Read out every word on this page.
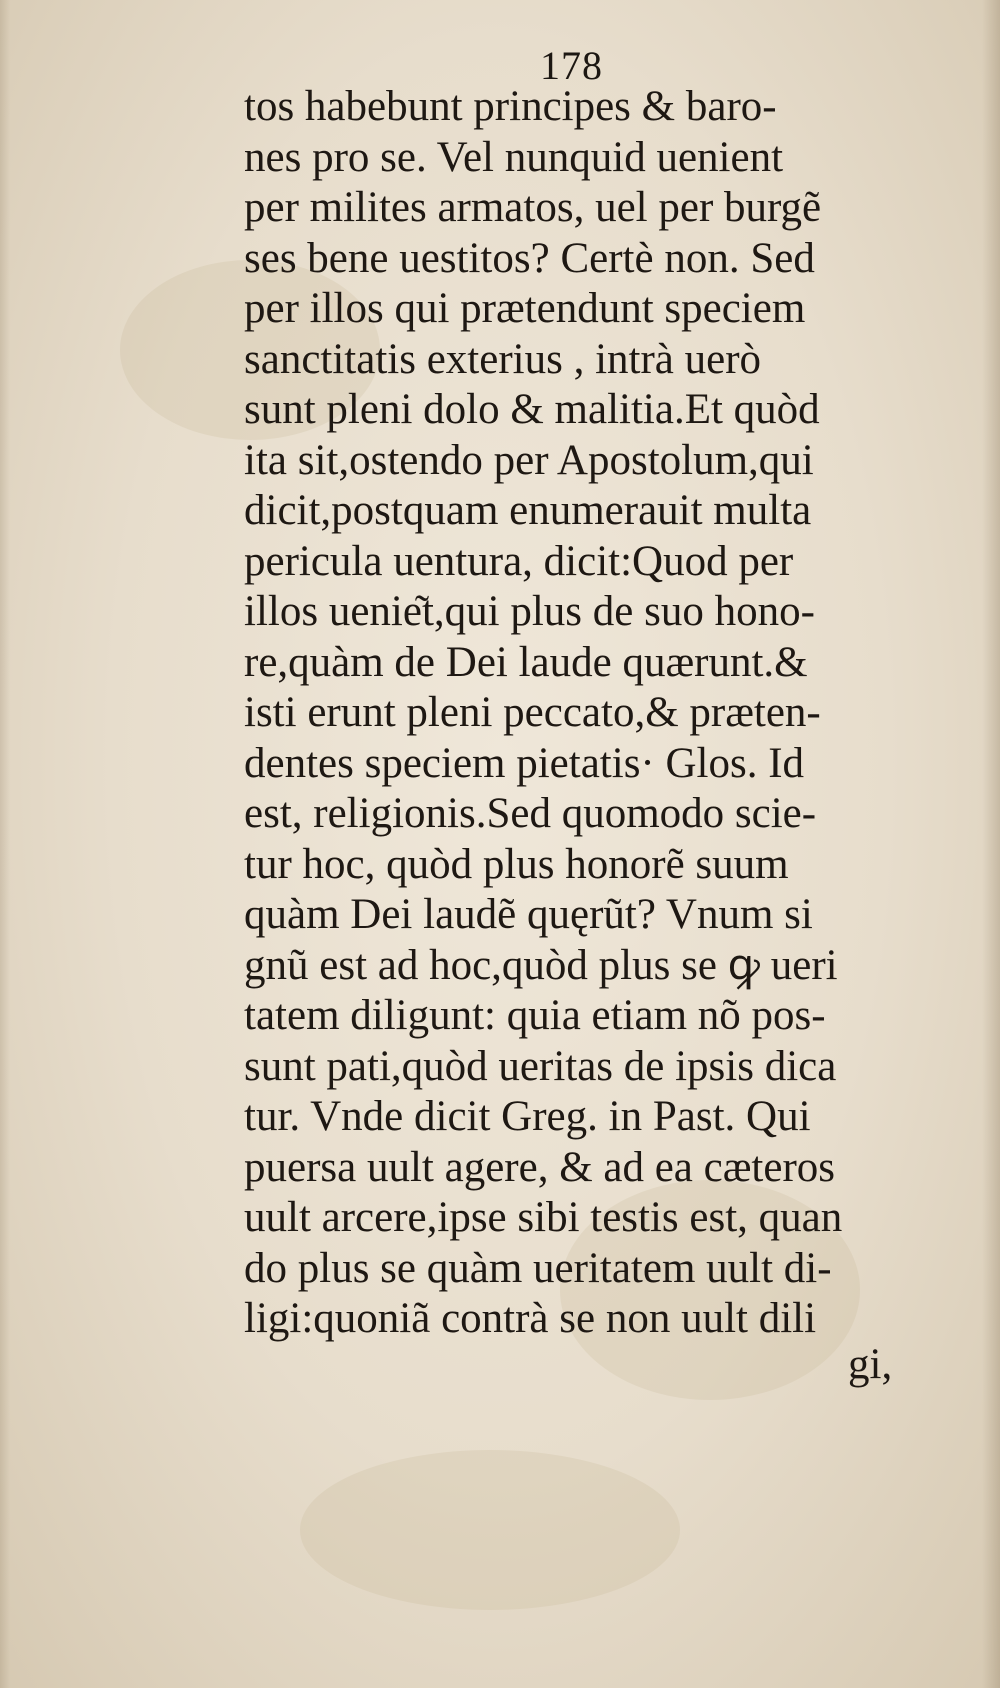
178
tos habebunt principes & baro-
nes pro se. Vel nunquid uenient
per milites armatos, uel per burgẽ
ses bene uestitos? Certè non. Sed
per illos qui prætendunt speciem
sanctitatis exterius , intrà uerò
sunt pleni dolo & malitia.Et quòd
ita sit,ostendo per Apostolum,qui
dicit,postquam enumerauit multa
pericula uentura, dicit:Quod per
illos uenie͂t,qui plus de suo hono-
re,quàm de Dei laude quærunt.&
isti erunt pleni peccato,& præten-
dentes speciem pietatis· Glos. Id
est, religionis.Sed quomodo scie-
tur hoc, quòd plus honorẽ suum
quàm Dei laudẽ quęrũt? Vnum si
gnũ est ad hoc,quòd plus se ꝙ ueri
tatem diligunt: quia etiam nõ pos-
sunt pati,quòd ueritas de ipsis dica
tur. Vnde dicit Greg. in Past. Qui
puersa uult agere, & ad ea cæteros
uult arcere,ipse sibi testis est, quan
do plus se quàm ueritatem uult di-
ligi:quoniã contrà se non uult dili
gi,
